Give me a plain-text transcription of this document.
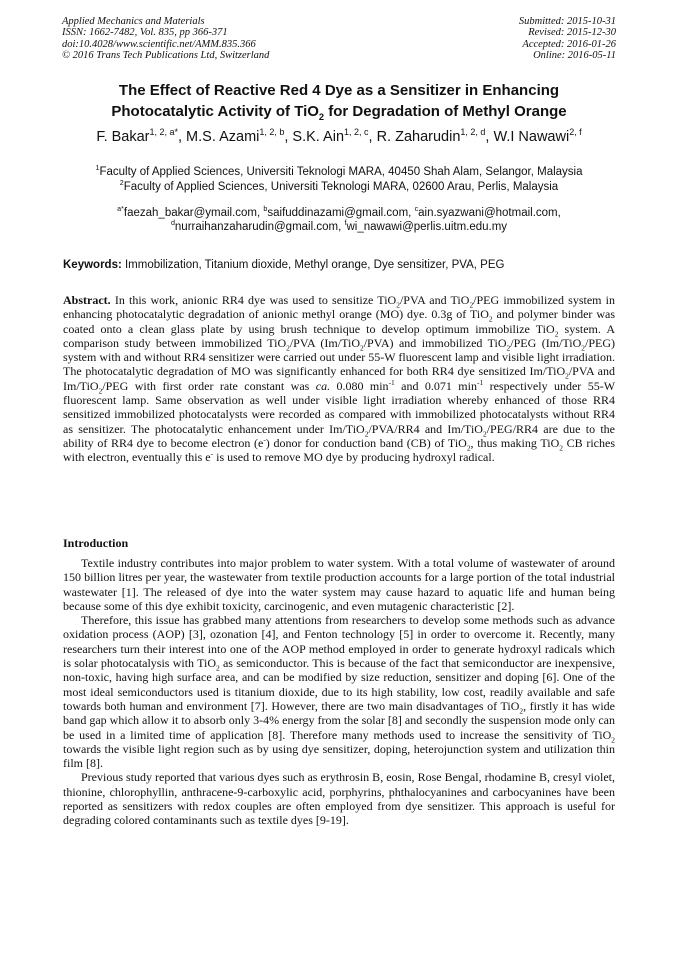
Applied Mechanics and Materials
ISSN: 1662-7482, Vol. 835, pp 366-371
doi:10.4028/www.scientific.net/AMM.835.366
© 2016 Trans Tech Publications Ltd, Switzerland
Submitted: 2015-10-31
Revised: 2015-12-30
Accepted: 2016-01-26
Online: 2016-05-11
The Effect of Reactive Red 4 Dye as a Sensitizer in Enhancing
Photocatalytic Activity of TiO$_2$ for Degradation of Methyl Orange
F. Bakar$^{1, 2, a*}$, M.S. Azami$^{1, 2, b}$, S.K. Ain$^{1, 2, c}$, R. Zaharudin$^{1, 2, d}$, W.I Nawawi$^{2, f}$
$^1$Faculty of Applied Sciences, Universiti Teknologi MARA, 40450 Shah Alam, Selangor, Malaysia
$^2$Faculty of Applied Sciences, Universiti Teknologi MARA, 02600 Arau, Perlis, Malaysia
$^{a*}$faezah_bakar@ymail.com, $^b$saifuddinazami@gmail.com, $^c$ain.syazwani@hotmail.com,
$^d$nurraihanzaharudin@gmail.com, $^f$wi_nawawi@perlis.uitm.edu.my
Keywords: Immobilization, Titanium dioxide, Methyl orange, Dye sensitizer, PVA, PEG
Abstract. In this work, anionic RR4 dye was used to sensitize TiO$_2$/PVA and TiO$_2$/PEG immobilized system in enhancing photocatalytic degradation of anionic methyl orange (MO) dye. 0.3g of TiO$_2$ and polymer binder was coated onto a clean glass plate by using brush technique to develop optimum immobilize TiO$_2$ system. A comparison study between immobilized TiO$_2$/PVA (Im/TiO$_2$/PVA) and immobilized TiO$_2$/PEG (Im/TiO$_2$/PEG) system with and without RR4 sensitizer were carried out under 55-W fluorescent lamp and visible light irradiation. The photocatalytic degradation of MO was significantly enhanced for both RR4 dye sensitized Im/TiO$_2$/PVA and Im/TiO$_2$/PEG with first order rate constant was ca. 0.080 $\min^{-1}$ and 0.071 $\min^{-1}$ respectively under 55-W fluorescent lamp. Same observation as well under visible light irradiation whereby enhanced of those RR4 sensitized immobilized photocatalysts were recorded as compared with immobilized photocatalysts without RR4 as sensitizer. The photocatalytic enhancement under Im/TiO$_2$/PVA/RR4 and Im/TiO$_2$/PEG/RR4 are due to the ability of RR4 dye to become electron (e-) donor for conduction band (CB) of TiO$_2$, thus making TiO$_2$ CB riches with electron, eventually this e- is used to remove MO dye by producing hydroxyl radical.
Introduction

Textile industry contributes into major problem to water system. With a total volume of wastewater of around 150 billion litres per year, the wastewater from textile production accounts for a large portion of the total industrial wastewater [1]. The released of dye into the water system may cause hazard to aquatic life and human being because some of this dye exhibit toxicity, carcinogenic, and even mutagenic characteristic [2].

Therefore, this issue has grabbed many attentions from researchers to develop some methods such as advance oxidation process (AOP) [3], ozonation [4], and Fenton technology [5] in order to overcome it. Recently, many researchers turn their interest into one of the AOP method employed in order to generate hydroxyl radicals which is solar photocatalysis with TiO$_2$ as semiconductor. This is because of the fact that semiconductor are inexpensive, non-toxic, having high surface area, and can be modified by size reduction, sensitizer and doping [6]. One of the most ideal semiconductors used is titanium dioxide, due to its high stability, low cost, readily available and safe towards both human and environment [7]. However, there are two main disadvantages of TiO$_2$, firstly it has wide band gap which allow it to absorb only 3-4% energy from the solar [8] and secondly the suspension mode only can be used in a limited time of application [8]. Therefore many methods used to increase the sensitivity of TiO$_2$ towards the visible light region such as by using dye sensitizer, doping, heterojunction system and utilization thin film [8].

Previous study reported that various dyes such as erythrosin B, eosin, Rose Bengal, rhodamine B, cresyl violet, thionine, chlorophyllin, anthracene-9-carboxylic acid, porphyrins, phthalocyanines and carbocyanines have been reported as sensitizers with redox couples are often employed from dye sensitizer. This approach is useful for degrading colored contaminants such as textile dyes [9-19].
